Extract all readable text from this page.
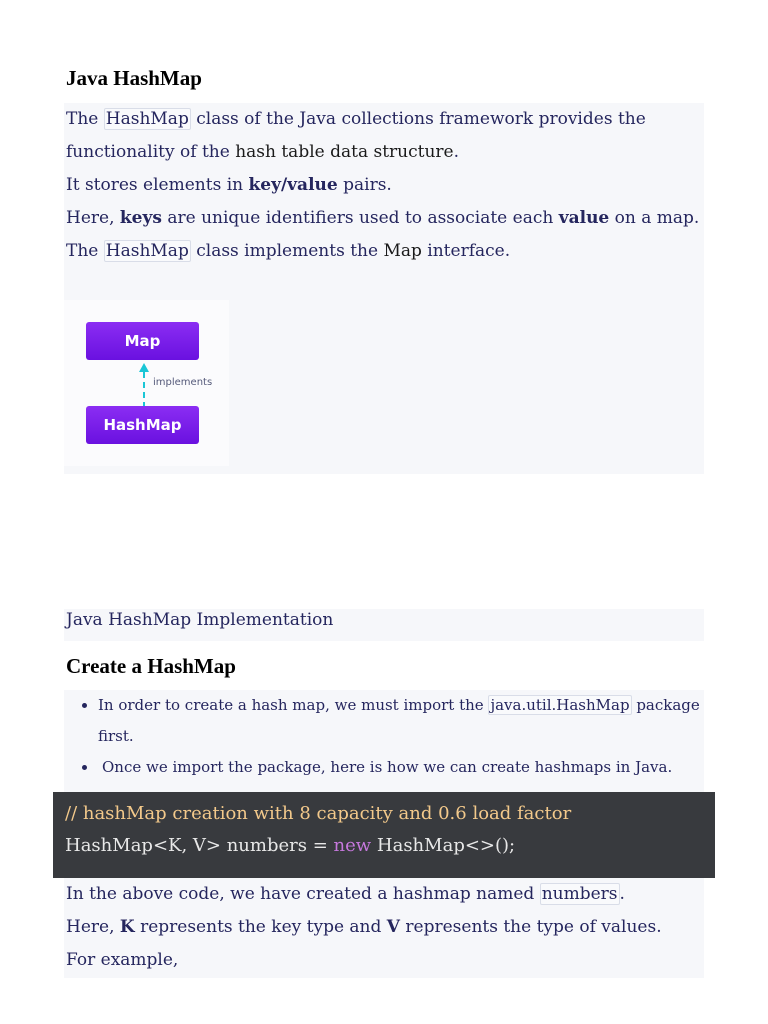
Java HashMap

The HashMap class of the Java collections framework provides the functionality of the hash table data structure.

It stores elements in key/value pairs.

Here, keys are unique identifiers used to associate each value on a map.

The HashMap class implements the Map interface.

Map
implements
HashMap
Java HashMap Implementation
Create a HashMap
• In order to create a hash map, we must import the java.util.HashMap package first.
• Once we import the package, here is how we can create hashmaps in Java.
// hashMap creation with 8 capacity and 0.6 load factor
HashMap<K, V> numbers = new HashMap<>();

In the above code, we have created a hashmap named numbers .

Here, K represents the key type and V represents the type of values.

For example,
